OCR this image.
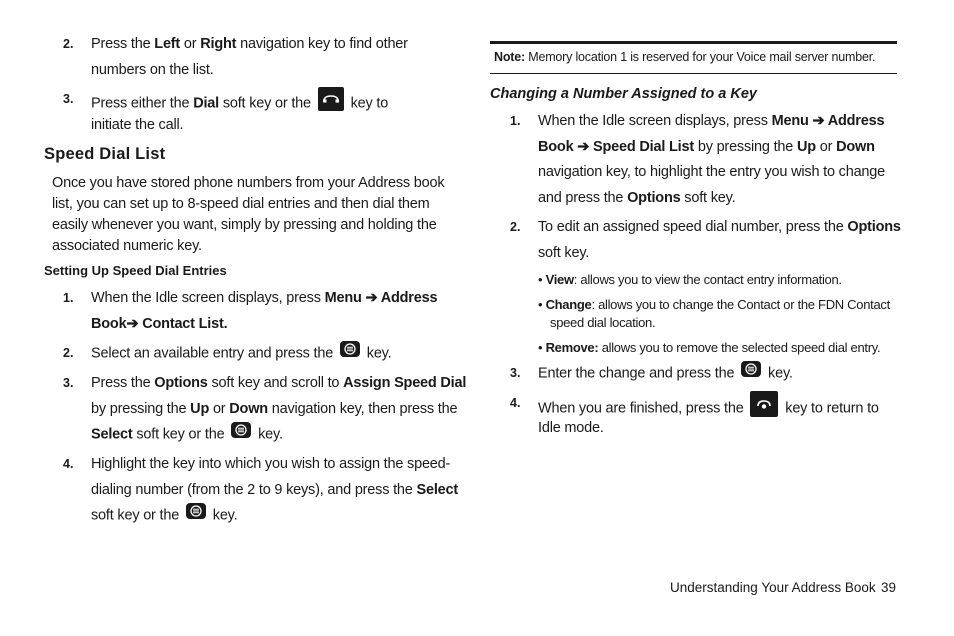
2. Press the Left or Right navigation key to find other
numbers on the list.
3. Press either the Dial soft key or the	key to
initiate the call.
Speed Dial List
Once you have stored phone numbers from your Address book
list, you can set up to 8-speed dial entries and then dial them
easily whenever you want, simply by pressing and holding the
associated numeric key.
Setting Up Speed Dial Entries
1. When the Idle screen displays, press Menu ➔ Address
Book➔ Contact List.
2. Select an available entry and press the key.
3. Press the Options soft key and scroll to Assign Speed Dial
by pressing the Up or Down navigation key, then press the
Select soft key or the key.
4. Highlight the key into which you wish to assign the speed-
dialing number (from the 2 to 9 keys), and press the Select
soft key or the key.
Note: Memory location 1 is reserved for your Voice mail server number.
Changing a Number Assigned to a Key
1. When the Idle screen displays, press Menu ➔ Address
Book ➔ Speed Dial List by pressing the Up or Down
navigation key, to highlight the entry you wish to change
and press the Options soft key.
2. To edit an assigned speed dial number, press the Options
soft key.
• View: allows you to view the contact entry information.
• Change: allows you to change the Contact or the FDN Contact
speed dial location.
• Remove: allows you to remove the selected speed dial entry.
3. Enter the change and press the key.
4. When you are finished, press the	key to return to
Idle mode.
Understanding Your Address Book 39
